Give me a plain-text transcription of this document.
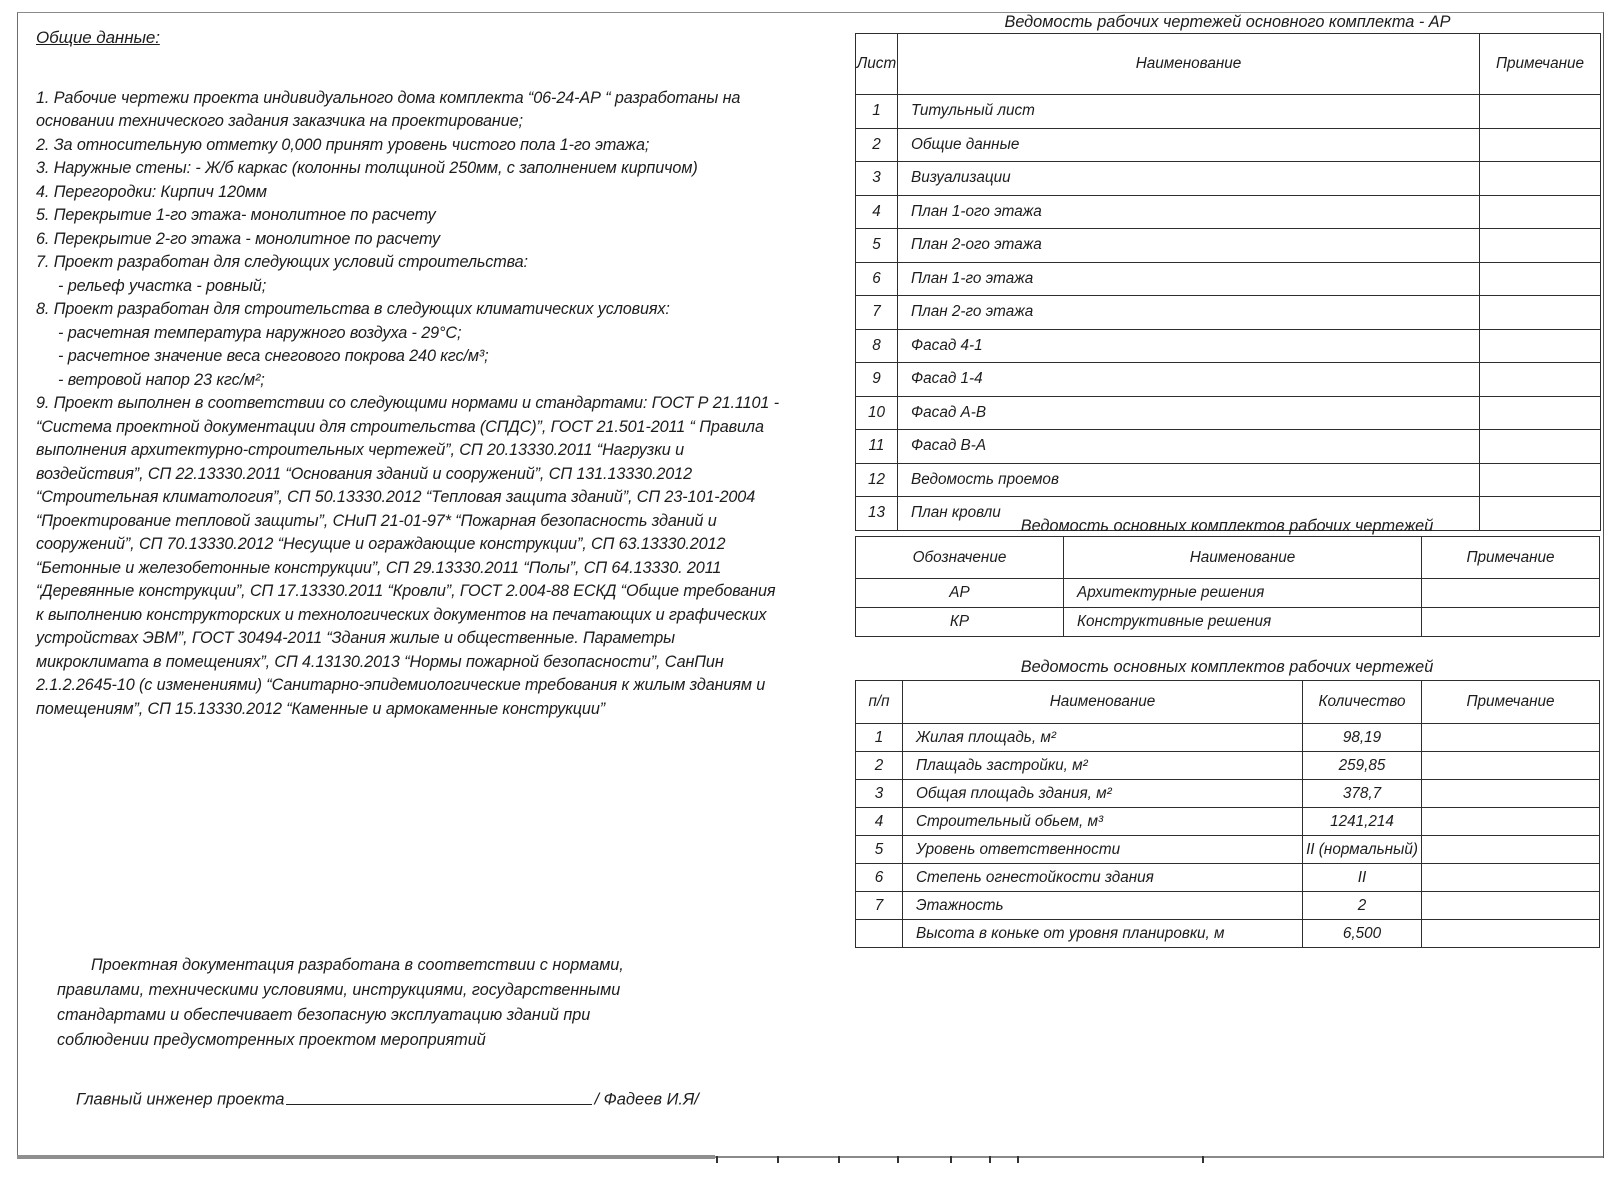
Общие данные:
1. Рабочие чертежи проекта индивидуального дома комплекта “06-24-АР “ разработаны на основании технического задания заказчика на проектирование;
2. За относительную отметку 0,000 принят уровень чистого пола 1-го этажа;
3. Наружные стены: - Ж/б каркас (колонны толщиной 250мм, с заполнением кирпичом)
4. Перегородки: Кирпич 120мм
5. Перекрытие 1-го этажа- монолитное по расчету
6. Перекрытие 2-го этажа - монолитное по расчету
7. Проект разработан для следующих условий строительства:
- рельеф участка - ровный;
8. Проект разработан для строительства в следующих климатических условиях:
- расчетная температура наружного воздуха - 29°С;
- расчетное значение веса снегового покрова 240 кгс/м³;
- ветровой напор 23 кгс/м²;
9. Проект выполнен в соответствии со следующими нормами и стандартами: ГОСТ Р 21.1101 - “Система проектной документации для строительства (СПДС)”, ГОСТ 21.501-2011 “ Правила выполнения архитектурно-строительных чертежей”, СП 20.13330.2011 “Нагрузки и воздействия”, СП 22.13330.2011 “Основания зданий и сооружений”, СП 131.13330.2012 “Строительная климатология”, СП 50.13330.2012 “Тепловая защита зданий”, СП 23-101-2004 “Проектирование тепловой защиты”, СНиП 21-01-97* “Пожарная безопасность зданий и сооружений”, СП 70.13330.2012 “Несущие и ограждающие конструкции”, СП 63.13330.2012 “Бетонные и железобетонные конструкции”, СП 29.13330.2011 “Полы”, СП 64.13330. 2011 “Деревянные конструкции”, СП 17.13330.2011 “Кровли”, ГОСТ 2.004-88 ЕСКД “Общие требования к выполнению конструкторских и технологических документов на печатающих и графических устройствах ЭВМ”, ГОСТ 30494-2011 “Здания жилые и общественные. Параметры микроклимата в помещениях”, СП 4.13130.2013 “Нормы пожарной безопасности”, СанПин 2.1.2.2645-10 (с изменениями) “Санитарно-эпидемиологические требования к жилым зданиям и помещениям”, СП 15.13330.2012 “Каменные и армокаменные конструкции”
Проектная документация разработана в соответствии с нормами, правилами, техническими условиями, инструкциями, государственными стандартами и обеспечивает безопасную эксплуатацию зданий при соблюдении предусмотренных проектом мероприятий
Главный инженер проекта	/ Фадеев И.Я/
Ведомость рабочих чертежей основного комплекта - АР
Лист	Наименование	Примечание
1	Титульный лист	
2	Общие данные	
3	Визуализации	
4	План 1-ого этажа	
5	План 2-ого этажа	
6	План 1-го этажа	
7	План 2-го этажа	
8	Фасад 4-1	
9	Фасад 1-4	
10	Фасад А-В	
11	Фасад В-А	
12	Ведомость проемов	
13	План кровли	
Ведомость основных комплектов рабочих чертежей
Обозначение	Наименование	Примечание
АР	Архитектурные решения	
КР	Конструктивные решения	
Ведомость основных комплектов рабочих чертежей
п/п	Наименование	Количество	Примечание
1	Жилая площадь, м²	98,19	
2	Плащадь застройки, м²	259,85	
3	Общая площадь здания, м²	378,7	
4	Строительный обьем, м³	1241,214	
5	Уровень ответственности	II (нормальный)	
6	Степень огнестойкости здания	II	
7	Этажность	2	
	Высота в коньке от уровня планировки, м	6,500	
